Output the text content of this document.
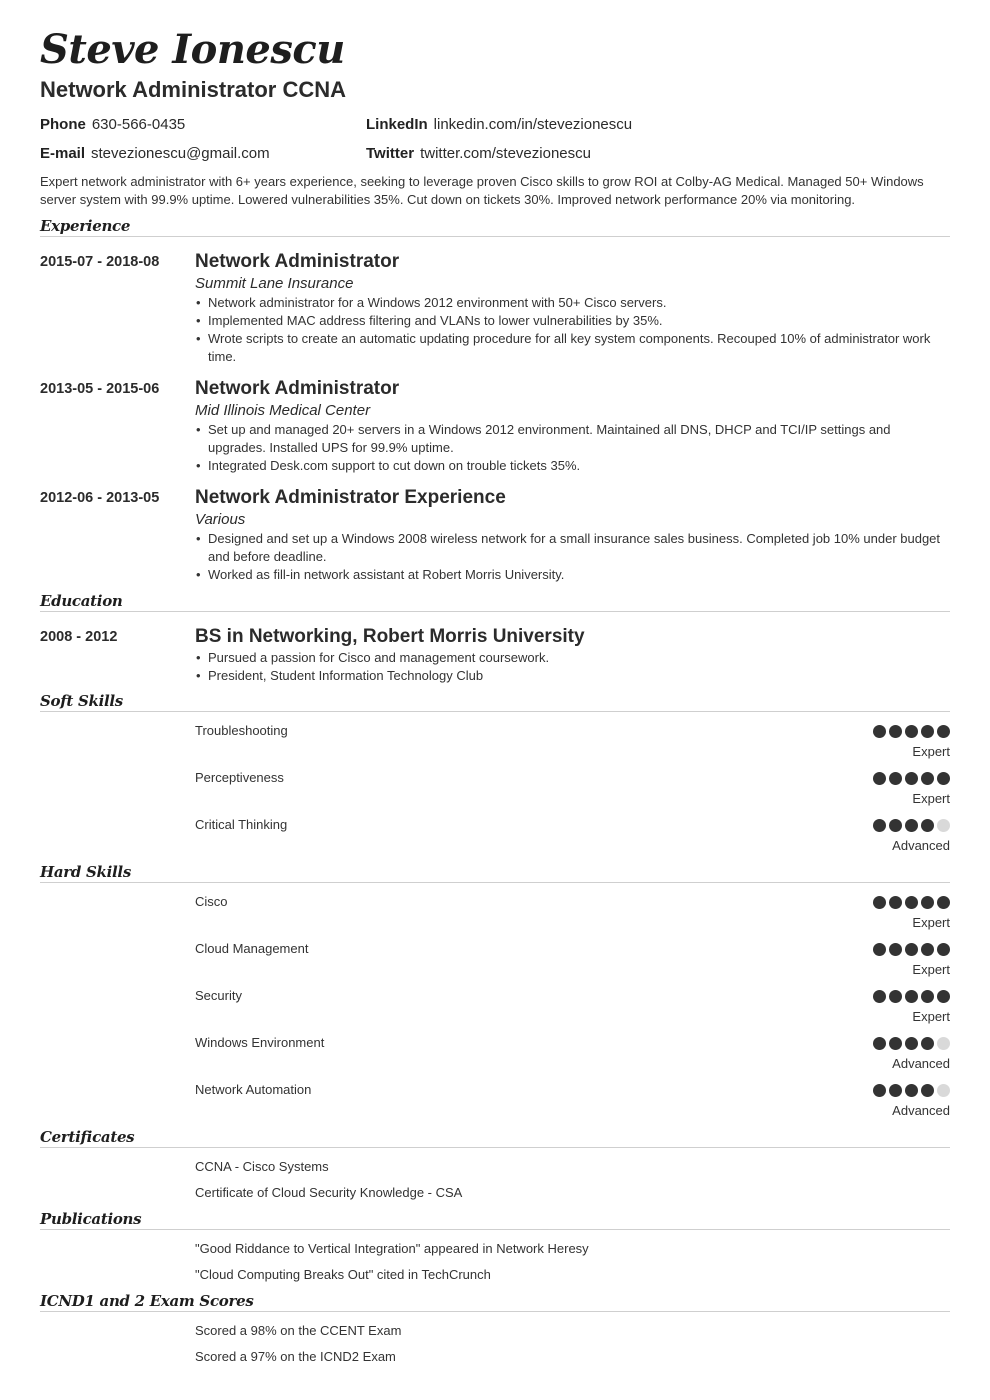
Steve Ionescu
Network Administrator CCNA
Phone 630-566-0435	LinkedIn linkedin.com/in/stevezionescu
E-mail stevezionescu@gmail.com	Twitter twitter.com/stevezionescu
Expert network administrator with 6+ years experience, seeking to leverage proven Cisco skills to grow ROI at Colby-AG Medical. Managed 50+ Windows server system with 99.9% uptime. Lowered vulnerabilities 35%. Cut down on tickets 30%. Improved network performance 20% via monitoring.
Experience
2015-07 - 2018-08 Network Administrator
Summit Lane Insurance
• Network administrator for a Windows 2012 environment with 50+ Cisco servers.
• Implemented MAC address filtering and VLANs to lower vulnerabilities by 35%.
• Wrote scripts to create an automatic updating procedure for all key system components. Recouped 10% of administrator work time.
2013-05 - 2015-06 Network Administrator
Mid Illinois Medical Center
• Set up and managed 20+ servers in a Windows 2012 environment. Maintained all DNS, DHCP and TCI/IP settings and upgrades. Installed UPS for 99.9% uptime.
• Integrated Desk.com support to cut down on trouble tickets 35%.
2012-06 - 2013-05 Network Administrator Experience
Various
• Designed and set up a Windows 2008 wireless network for a small insurance sales business. Completed job 10% under budget and before deadline.
• Worked as fill-in network assistant at Robert Morris University.
Education
2008 - 2012	BS in Networking, Robert Morris University
• Pursued a passion for Cisco and management coursework.
• President, Student Information Technology Club
Soft Skills
Troubleshooting
Expert
Perceptiveness
Expert
Critical Thinking
Advanced
Hard Skills
Cisco
Expert
Cloud Management
Expert
Security
Expert
Windows Environment
Advanced
Network Automation
Advanced
Certificates
CCNA - Cisco Systems
Certificate of Cloud Security Knowledge - CSA
Publications
"Good Riddance to Vertical Integration" appeared in Network Heresy
"Cloud Computing Breaks Out" cited in TechCrunch
ICND1 and 2 Exam Scores
Scored a 98% on the CCENT Exam
Scored a 97% on the ICND2 Exam
